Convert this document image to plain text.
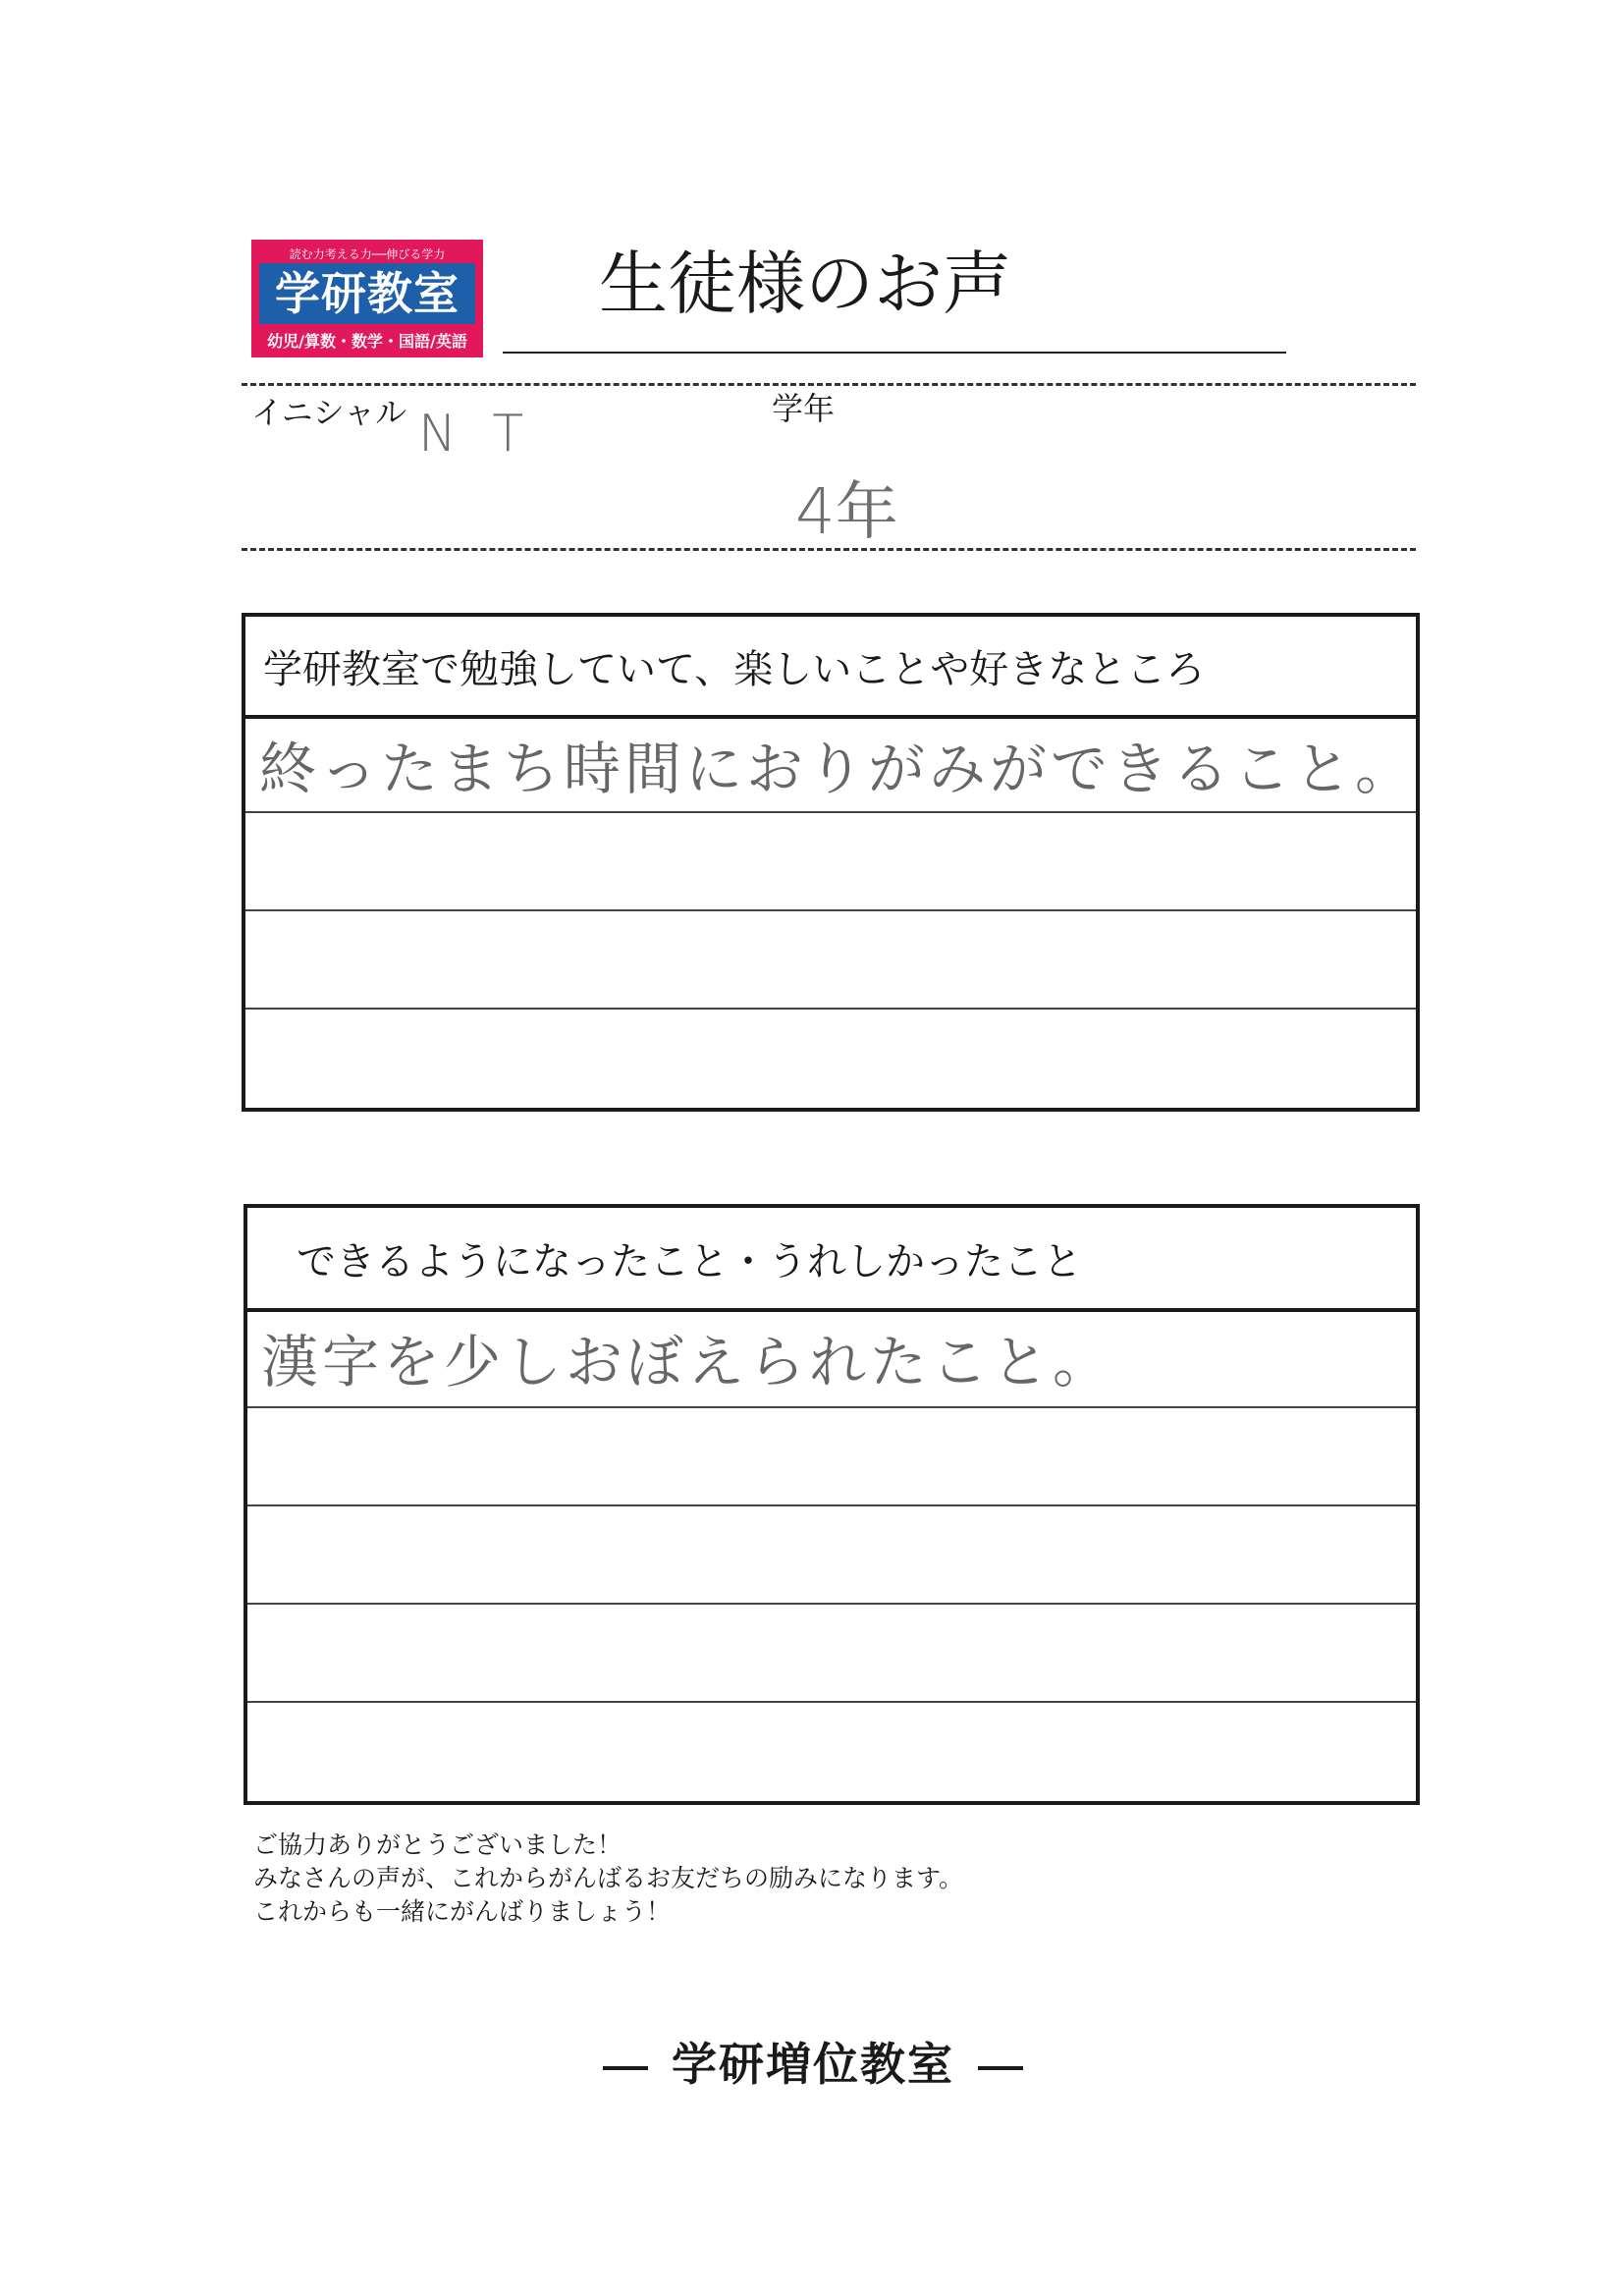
読む力考える力──伸びる学力
学研教室
幼児/算数・数学・国語/英語
生徒様のお声
イニシャル N T	学年
4年
学研教室で勉強していて、楽しいことや好きなところ
終ったまち時間におりがみができること。
できるようになったこと・うれしかったこと
漢字を少しおぼえられたこと。
ご協力ありがとうございました！
みなさんの声が、これからがんばるお友だちの励みになります。
これからも一緒にがんばりましょう！
学研増位教室
